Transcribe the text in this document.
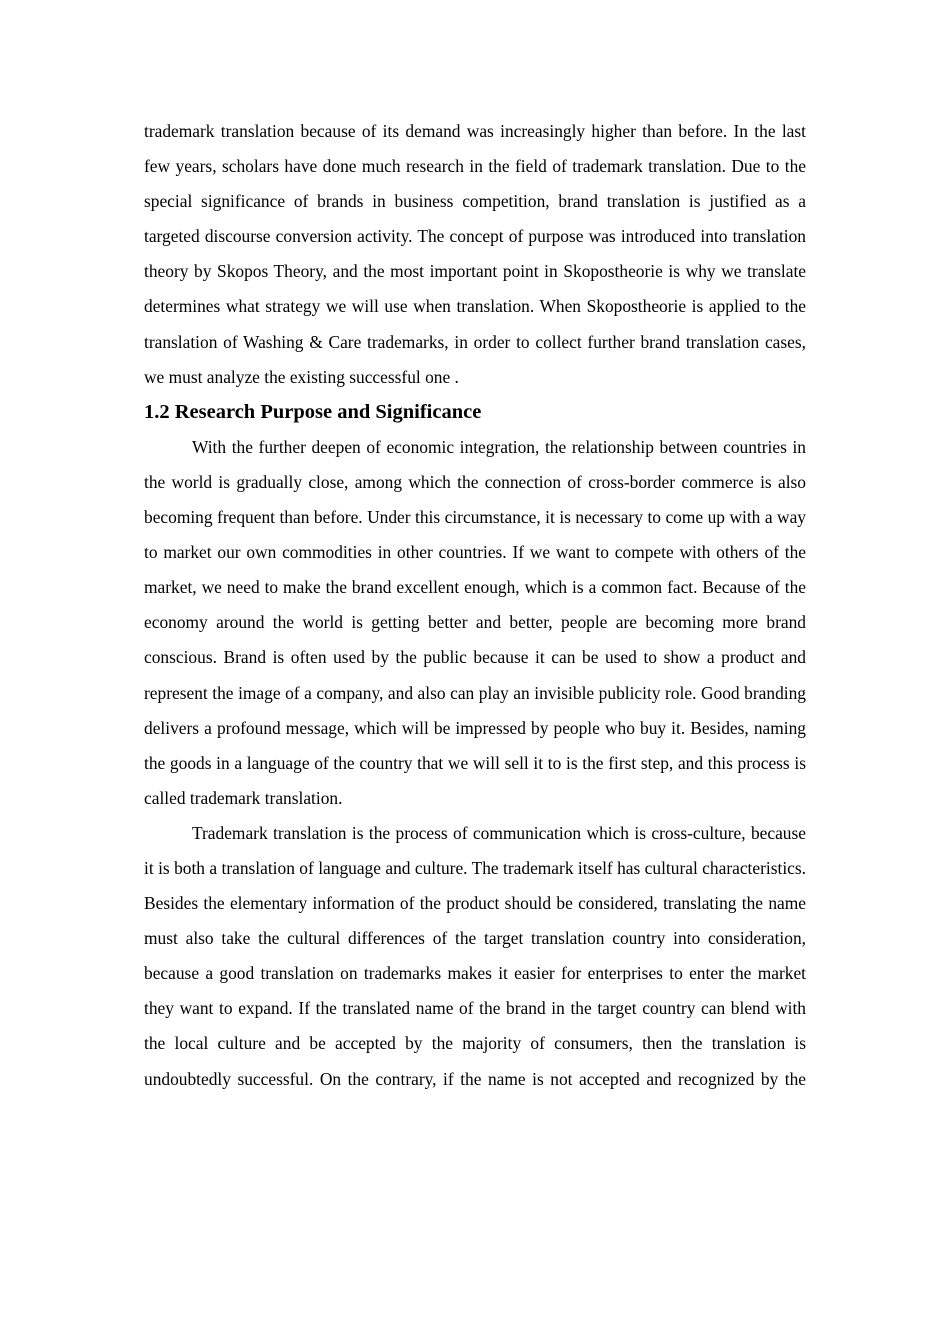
trademark translation because of its demand was increasingly higher than before. In the last few years, scholars have done much research in the field of trademark translation. Due to the special significance of brands in business competition, brand translation is justified as a targeted discourse conversion activity. The concept of purpose was introduced into translation theory by Skopos Theory, and the most important point in Skopostheorie is why we translate determines what strategy we will use when translation. When Skopostheorie is applied to the translation of Washing & Care trademarks, in order to collect further brand translation cases, we must analyze the existing successful one .

1.2 Research Purpose and Significance

With the further deepen of economic integration, the relationship between countries in the world is gradually close, among which the connection of cross-border commerce is also becoming frequent than before. Under this circumstance, it is necessary to come up with a way to market our own commodities in other countries. If we want to compete with others of the market, we need to make the brand excellent enough, which is a common fact. Because of the economy around the world is getting better and better, people are becoming more brand conscious. Brand is often used by the public because it can be used to show a product and represent the image of a company, and also can play an invisible publicity role. Good branding delivers a profound message, which will be impressed by people who buy it. Besides, naming the goods in a language of the country that we will sell it to is the first step, and this process is called trademark translation.

Trademark translation is the process of communication which is cross-culture, because it is both a translation of language and culture. The trademark itself has cultural characteristics. Besides the elementary information of the product should be considered, translating the name must also take the cultural differences of the target translation country into consideration, because a good translation on trademarks makes it easier for enterprises to enter the market they want to expand. If the translated name of the brand in the target country can blend with the local culture and be accepted by the majority of consumers, then the translation is undoubtedly successful. On the contrary, if the name is not accepted and recognized by the
